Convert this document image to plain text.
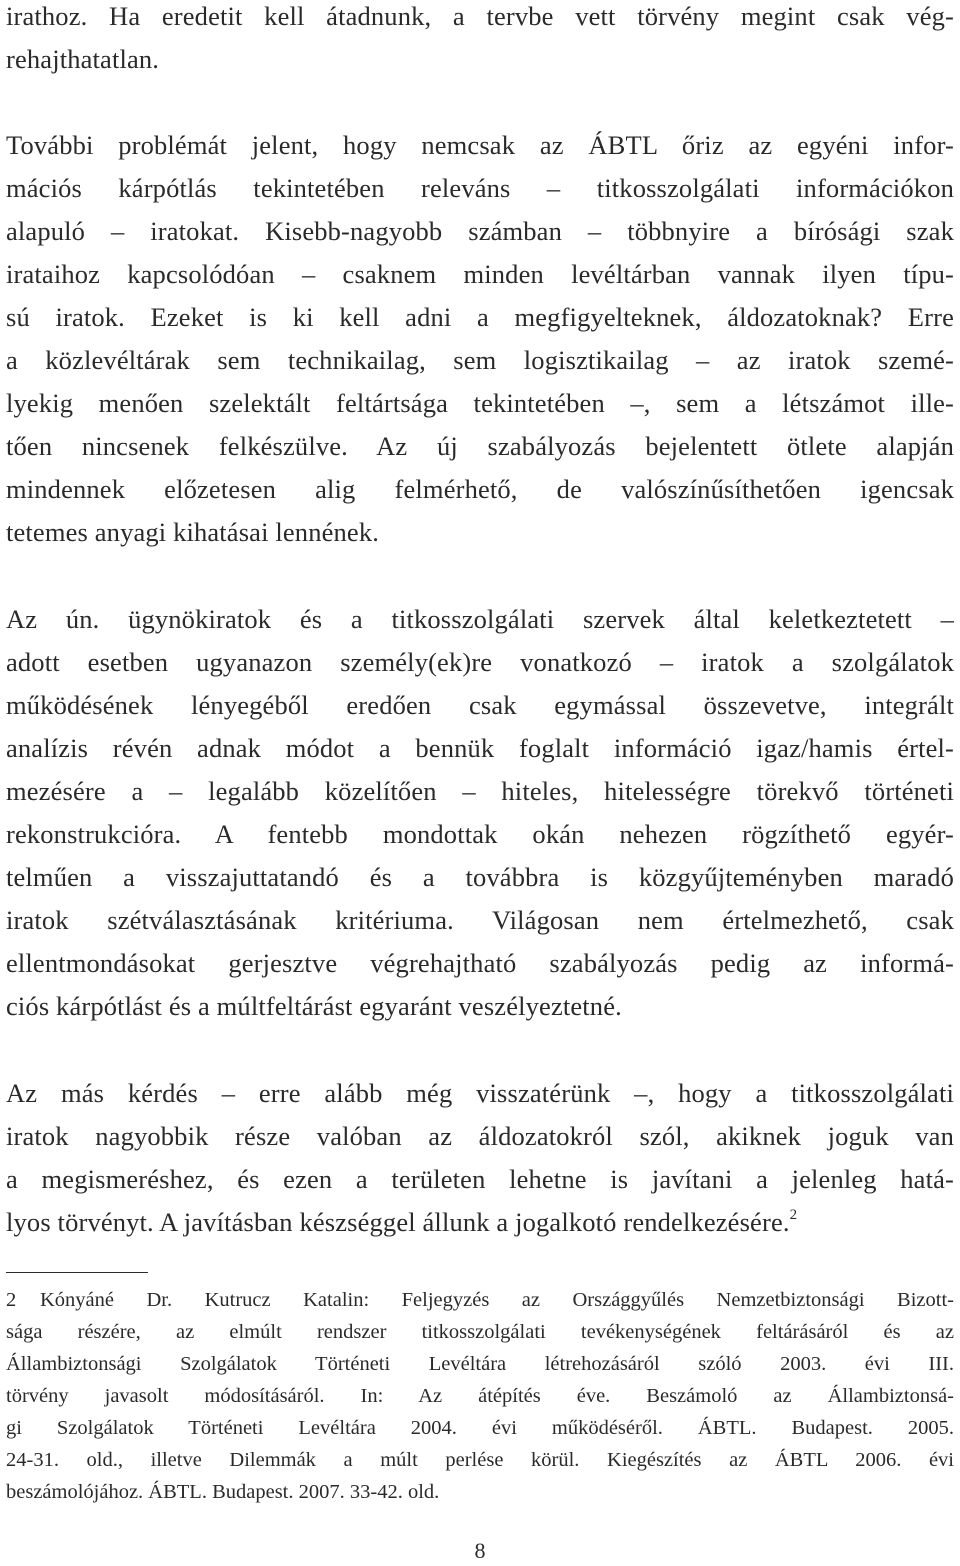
irathoz. Ha eredetit kell átadnunk, a tervbe vett törvény megint csak vég-
rehajthatatlan.
További problémát jelent, hogy nemcsak az ÁBTL őriz az egyéni infor-
mációs kárpótlás tekintetében releváns – titkosszolgálati információkon
alapuló – iratokat. Kisebb-nagyobb számban – többnyire a bírósági szak
irataihoz kapcsolódóan – csaknem minden levéltárban vannak ilyen típu-
sú iratok. Ezeket is ki kell adni a megfigyelteknek, áldozatoknak? Erre
a közlevéltárak sem technikailag, sem logisztikailag – az iratok szemé-
lyekig menően szelektált feltártsága tekintetében –, sem a létszámot ille-
tően nincsenek felkészülve. Az új szabályozás bejelentett ötlete alapján
mindennek előzetesen alig felmérhető, de valószínűsíthetően igencsak
tetemes anyagi kihatásai lennének.
Az ún. ügynökiratok és a titkosszolgálati szervek által keletkeztetett –
adott esetben ugyanazon személy(ek)re vonatkozó – iratok a szolgálatok
működésének lényegéből eredően csak egymással összevetve, integrált
analízis révén adnak módot a bennük foglalt információ igaz/hamis értel-
mezésére a – legalább közelítően – hiteles, hitelességre törekvő történeti
rekonstrukcióra. A fentebb mondottak okán nehezen rögzíthető egyér-
telműen a visszajuttatandó és a továbbra is közgyűjteményben maradó
iratok szétválasztásának kritériuma. Világosan nem értelmezhető, csak
ellentmondásokat gerjesztve végrehajtható szabályozás pedig az informá-
ciós kárpótlást és a múltfeltárást egyaránt veszélyeztetné.
Az más kérdés – erre alább még visszatérünk –, hogy a titkosszolgálati
iratok nagyobbik része valóban az áldozatokról szól, akiknek joguk van
a megismeréshez, és ezen a területen lehetne is javítani a jelenleg hatá-
lyos törvényt. A javításban készséggel állunk a jogalkotó rendelkezésére.$^2$
2 Kónyáné Dr. Kutrucz Katalin: Feljegyzés az Országgyűlés Nemzetbiztonsági Bizott-
sága részére, az elmúlt rendszer titkosszolgálati tevékenységének feltárásáról és az
Állambiztonsági Szolgálatok Történeti Levéltára létrehozásáról szóló 2003. évi III.
törvény javasolt módosításáról. In: Az átépítés éve. Beszámoló az Állambiztonsá-
gi Szolgálatok Történeti Levéltára 2004. évi működéséről. ÁBTL. Budapest. 2005.
24-31. old., illetve Dilemmák a múlt perlése körül. Kiegészítés az ÁBTL 2006. évi
beszámolójához. ÁBTL. Budapest. 2007. 33-42. old.
8
